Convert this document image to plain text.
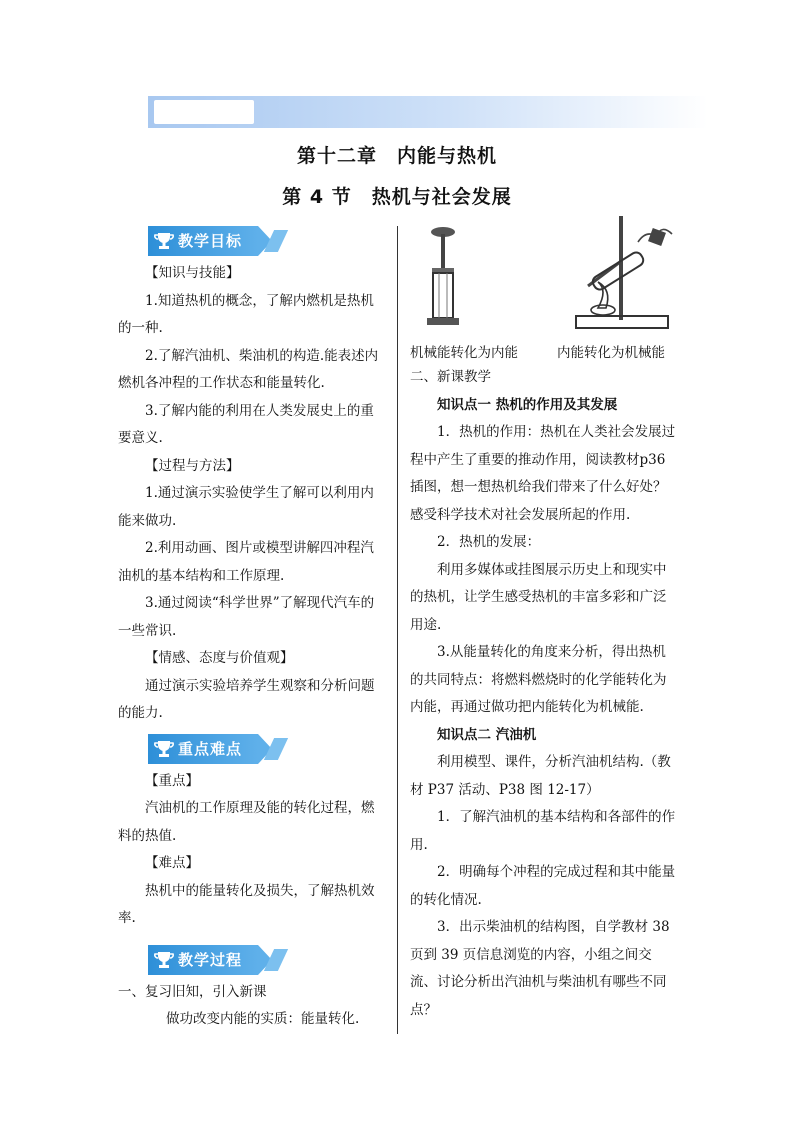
第十二章　内能与热机
第 4 节　热机与社会发展
教学目标

【知识与技能】

1.知道热机的概念，了解内燃机是热机的一种.

2.了解汽油机、柴油机的构造.能表述内燃机各冲程的工作状态和能量转化.

3.了解内能的利用在人类发展史上的重要意义.

【过程与方法】

1.通过演示实验使学生了解可以利用内能来做功.

2.利用动画、图片或模型讲解四冲程汽油机的基本结构和工作原理.

3.通过阅读“科学世界”了解现代汽车的一些常识.

【情感、态度与价值观】

通过演示实验培养学生观察和分析问题的能力.

重点难点

【重点】

汽油机的工作原理及能的转化过程，燃料的热值.

【难点】

热机中的能量转化及损失，了解热机效率.

教学过程

一、复习旧知，引入新课

做功改变内能的实质：能量转化.

机械能转化为内能	内能转化为机械能

二、新课教学

知识点一 热机的作用及其发展

1．热机的作用：热机在人类社会发展过程中产生了重要的推动作用，阅读教材p36 插图，想一想热机给我们带来了什么好处？感受科学技术对社会发展所起的作用.

2．热机的发展：

利用多媒体或挂图展示历史上和现实中的热机，让学生感受热机的丰富多彩和广泛用途.

3.从能量转化的角度来分析，得出热机的共同特点：将燃料燃烧时的化学能转化为内能，再通过做功把内能转化为机械能.

知识点二 汽油机

利用模型、课件，分析汽油机结构.（教材 P37 活动、P38 图 12-17）

1．了解汽油机的基本结构和各部件的作用.

2．明确每个冲程的完成过程和其中能量的转化情况.

3．出示柴油机的结构图，自学教材 38 页到 39 页信息浏览的内容，小组之间交流、讨论分析出汽油机与柴油机有哪些不同点？
